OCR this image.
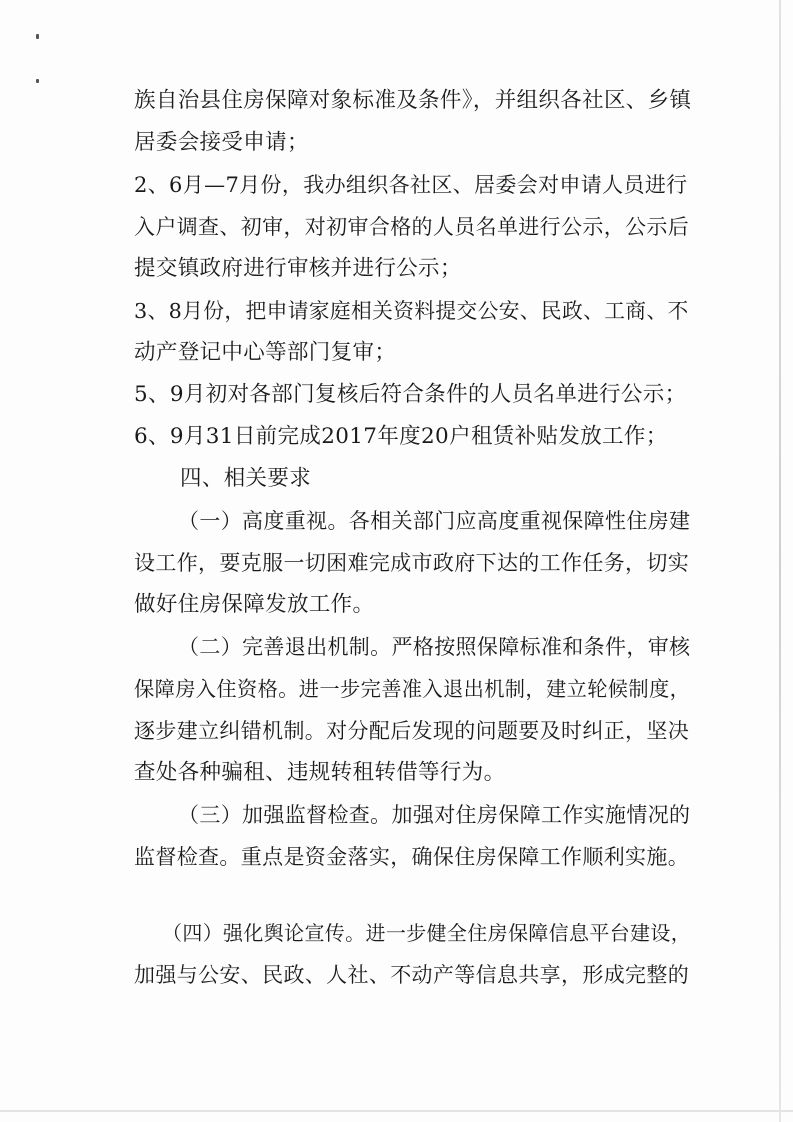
族自治县住房保障对象标准及条件》，并组织各社区、乡镇
居委会接受申请；
2、6月—7月份，我办组织各社区、居委会对申请人员进行
入户调查、初审，对初审合格的人员名单进行公示，公示后
提交镇政府进行审核并进行公示；
3、8月份，把申请家庭相关资料提交公安、民政、工商、不
动产登记中心等部门复审；
5、9月初对各部门复核后符合条件的人员名单进行公示；
6、9月31日前完成2017年度20户租赁补贴发放工作；
四、相关要求
（一）高度重视。各相关部门应高度重视保障性住房建
设工作，要克服一切困难完成市政府下达的工作任务，切实
做好住房保障发放工作。
（二）完善退出机制。严格按照保障标准和条件，审核
保障房入住资格。进一步完善准入退出机制，建立轮候制度，
逐步建立纠错机制。对分配后发现的问题要及时纠正，坚决
查处各种骗租、违规转租转借等行为。
（三）加强监督检查。加强对住房保障工作实施情况的
监督检查。重点是资金落实，确保住房保障工作顺利实施。
（四）强化舆论宣传。进一步健全住房保障信息平台建设，
加强与公安、民政、人社、不动产等信息共享，形成完整的
